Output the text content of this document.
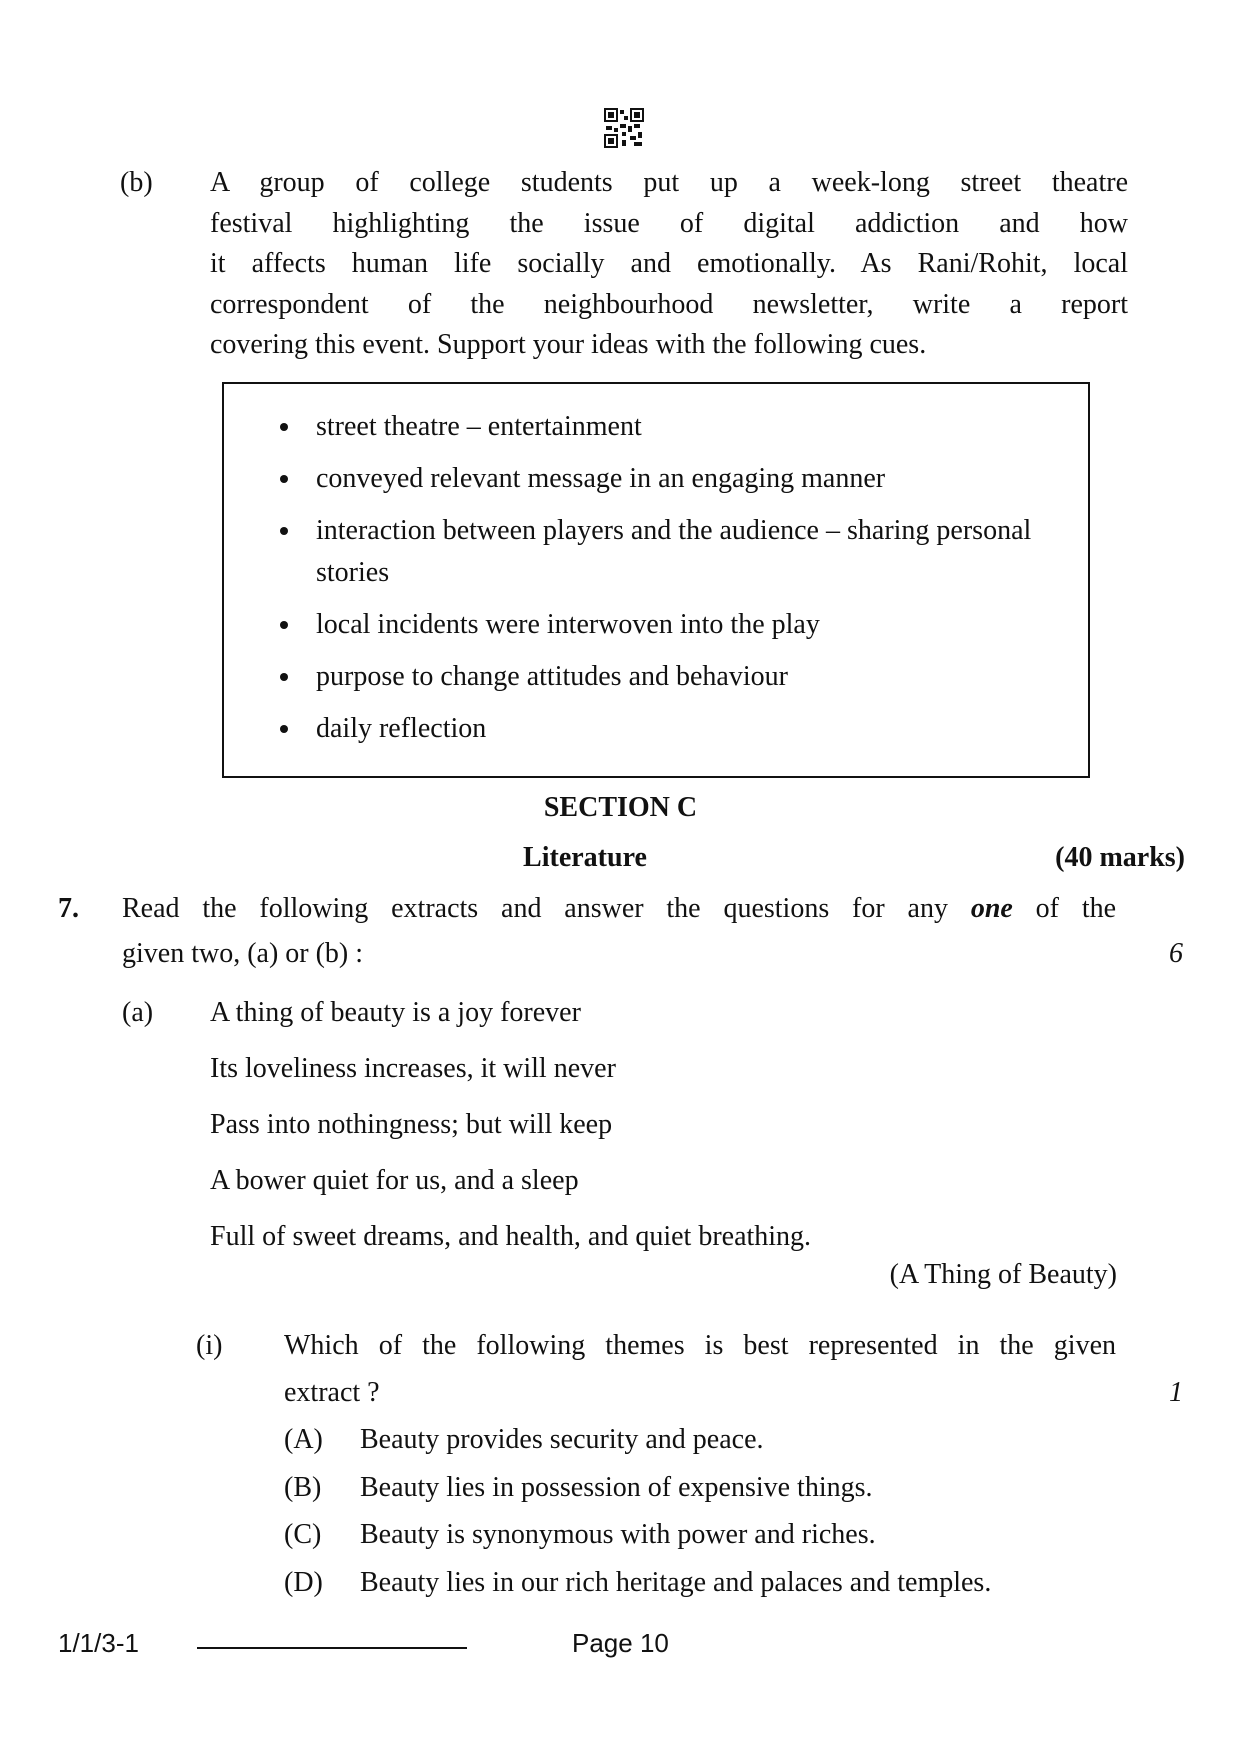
(b) A group of college students put up a week-long street theatre
festival highlighting the issue of digital addiction and how
it affects human life socially and emotionally. As Rani/Rohit, local
correspondent of the neighbourhood newsletter, write a report
covering this event. Support your ideas with the following cues.
street theatre – entertainment
conveyed relevant message in an engaging manner
interaction between players and the audience – sharing personal stories
local incidents were interwoven into the play
purpose to change attitudes and behaviour
daily reflection
SECTION C
Literature	(40 marks)
7. Read the following extracts and answer the questions for any one of the
given two, (a) or (b) :	6
(a) A thing of beauty is a joy forever
Its loveliness increases, it will never
Pass into nothingness; but will keep
A bower quiet for us, and a sleep
Full of sweet dreams, and health, and quiet breathing.
(A Thing of Beauty)
(i) Which of the following themes is best represented in the given
extract ?	1
(A) Beauty provides security and peace.
(B) Beauty lies in possession of expensive things.
(C) Beauty is synonymous with power and riches.
(D) Beauty lies in our rich heritage and palaces and temples.
1/1/3-1	Page 10
